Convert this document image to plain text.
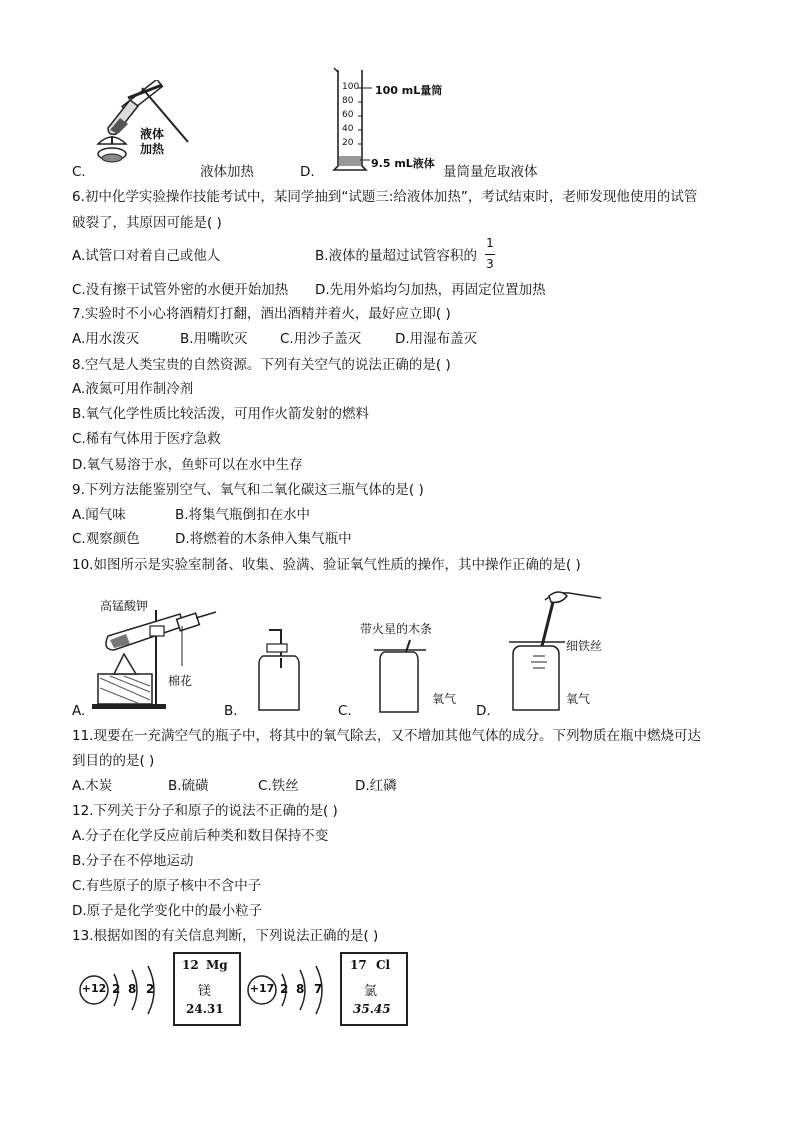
液体
加热
C.	液体加热
100
80
60
40
20
100 mL量筒
9.5 mL液体
D.	量筒量危取液体
6.初中化学实验操作技能考试中，某同学抽到“试题三:给液体加热”，考试结束时，老师发现他使用的试管
破裂了，其原因可能是( )
A.试管口对着自己或他人	B.液体的量超过试管容积的
1
3
C.没有擦干试管外密的水便开始加热 D.先用外焰均匀加热，再固定位置加热
7.实验时不小心将酒精灯打翻，酒出酒精并着火，最好应立即( )
A.用水泼灭	B.用嘴吹灭 C.用沙子盖灭	D.用湿布盖灭
8.空气是人类宝贵的自然资源。下列有关空气的说法正确的是( )
A.液氮可用作制冷剂
B.氧气化学性质比较活泼，可用作火箭发射的燃料
C.稀有气体用于医疗急救
D.氧气易溶于水，鱼虾可以在水中生存
9.下列方法能鉴别空气、氧气和二氧化碳这三瓶气体的是( )
A.闻气味	B.将集气瓶倒扣在水中
C.观察颜色	D.将燃着的木条伸入集气瓶中
10.如图所示是实验室制备、收集、验满、验证氧气性质的操作，其中操作正确的是( )
高锰酸钾
棉花
A.	B.
带火星的木条
氧气
C.
细铁丝
氧气
D.
11.现要在一充满空气的瓶子中，将其中的氧气除去，又不增加其他气体的成分。下列物质在瓶中燃烧可达
到目的的是( )
A.木炭	B.硫磺	C.铁丝	D.红磷
12.下列关于分子和原子的说法不正确的是( )
A.分子在化学反应前后种类和数目保持不变
B.分子在不停地运动
C.有些原子的原子核中不含中子
D.原子是化学变化中的最小粒子
13.根据如图的有关信息判断，下列说法正确的是( )
+12 2 8 2
12 Mg
镁
24.31
+17 2 8 7
17 Cl
氯
35.45
